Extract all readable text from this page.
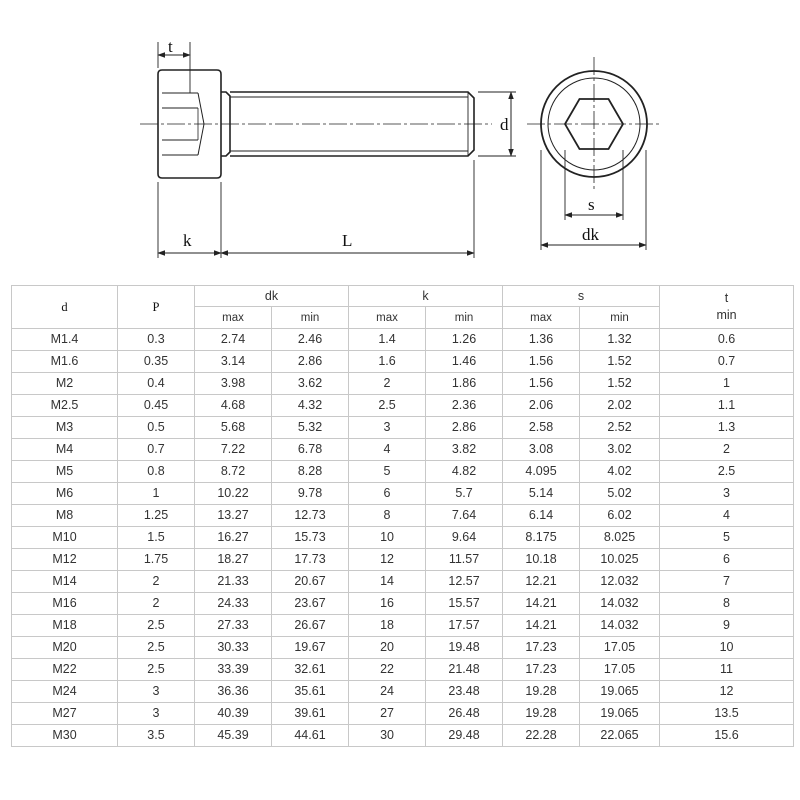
t
d
k	L
s
dk
d	P	dk		k		s		t
min

		max	min	max	min	max	min	
M1.4	0.3	2.74	2.46	1.4	1.26	1.36	1.32	0.6
M1.6	0.35	3.14	2.86	1.6	1.46	1.56	1.52	0.7
M2	0.4	3.98	3.62	2	1.86	1.56	1.52	1
M2.5	0.45	4.68	4.32	2.5	2.36	2.06	2.02	1.1
M3	0.5	5.68	5.32	3	2.86	2.58	2.52	1.3
M4	0.7	7.22	6.78	4	3.82	3.08	3.02	2
M5	0.8	8.72	8.28	5	4.82	4.095	4.02	2.5
M6	1	10.22	9.78	6	5.7	5.14	5.02	3
M8	1.25	13.27	12.73	8	7.64	6.14	6.02	4
M10	1.5	16.27	15.73	10	9.64	8.175	8.025	5
M12	1.75	18.27	17.73	12	11.57	10.18	10.025	6
M14	2	21.33	20.67	14	12.57	12.21	12.032	7
M16	2	24.33	23.67	16	15.57	14.21	14.032	8
M18	2.5	27.33	26.67	18	17.57	14.21	14.032	9
M20	2.5	30.33	19.67	20	19.48	17.23	17.05	10
M22	2.5	33.39	32.61	22	21.48	17.23	17.05	11
M24	3	36.36	35.61	24	23.48	19.28	19.065	12
M27	3	40.39	39.61	27	26.48	19.28	19.065	13.5
M30	3.5	45.39	44.61	30	29.48	22.28	22.065	15.6
